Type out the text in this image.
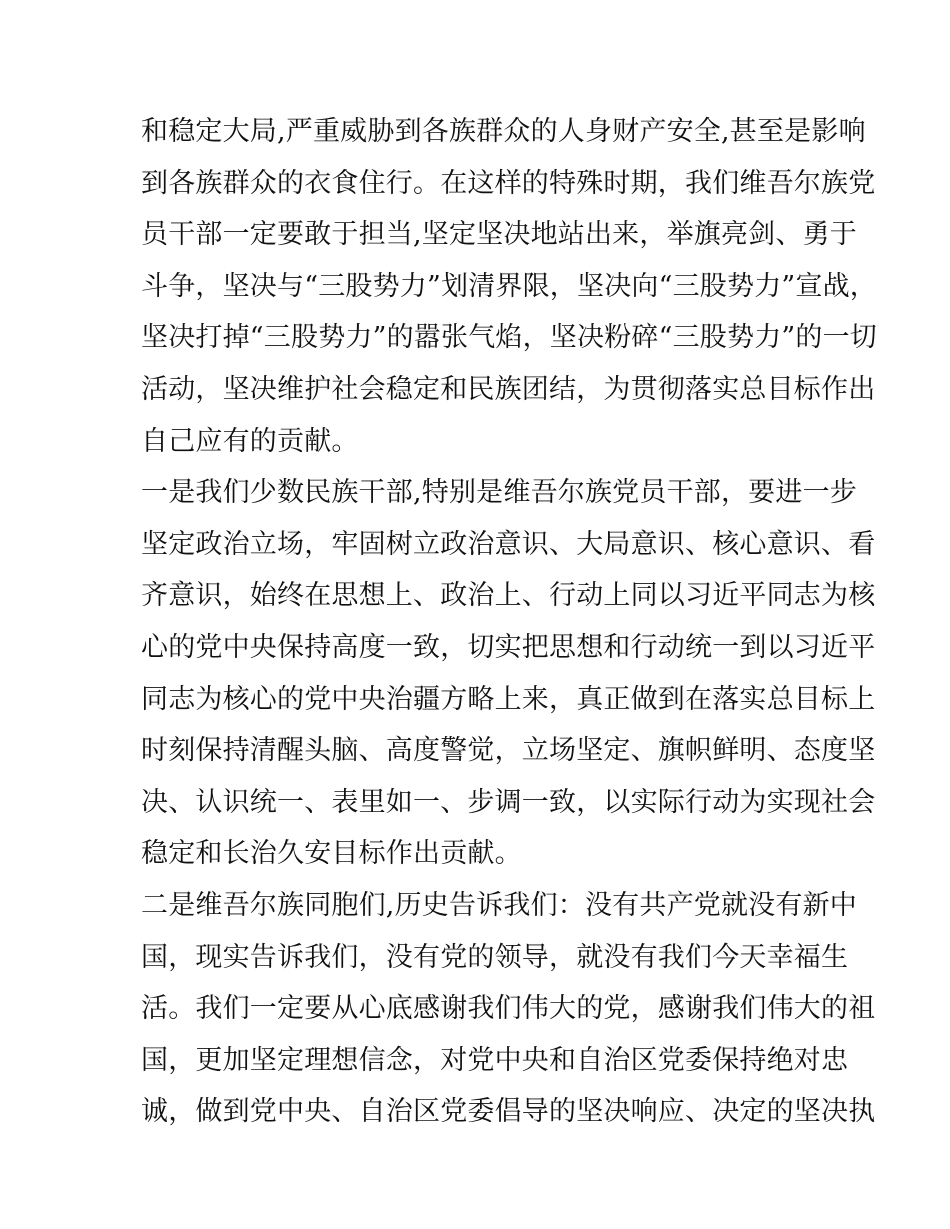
和稳定大局,严重威胁到各族群众的人身财产安全,甚至是影响
到各族群众的衣食住行。在这样的特殊时期，我们维吾尔族党
员干部一定要敢于担当,坚定坚决地站出来，举旗亮剑、勇于
斗争，坚决与“三股势力”划清界限，坚决向“三股势力”宣战，
坚决打掉“三股势力”的嚣张气焰，坚决粉碎“三股势力”的一切
活动，坚决维护社会稳定和民族团结，为贯彻落实总目标作出
自己应有的贡献。
一是我们少数民族干部,特别是维吾尔族党员干部，要进一步
坚定政治立场，牢固树立政治意识、大局意识、核心意识、看
齐意识，始终在思想上、政治上、行动上同以习近平同志为核
心的党中央保持高度一致，切实把思想和行动统一到以习近平
同志为核心的党中央治疆方略上来，真正做到在落实总目标上
时刻保持清醒头脑、高度警觉，立场坚定、旗帜鲜明、态度坚
决、认识统一、表里如一、步调一致，以实际行动为实现社会
稳定和长治久安目标作出贡献。
二是维吾尔族同胞们,历史告诉我们：没有共产党就没有新中
国，现实告诉我们，没有党的领导，就没有我们今天幸福生
活。我们一定要从心底感谢我们伟大的党，感谢我们伟大的祖
国，更加坚定理想信念，对党中央和自治区党委保持绝对忠
诚，做到党中央、自治区党委倡导的坚决响应、决定的坚决执
